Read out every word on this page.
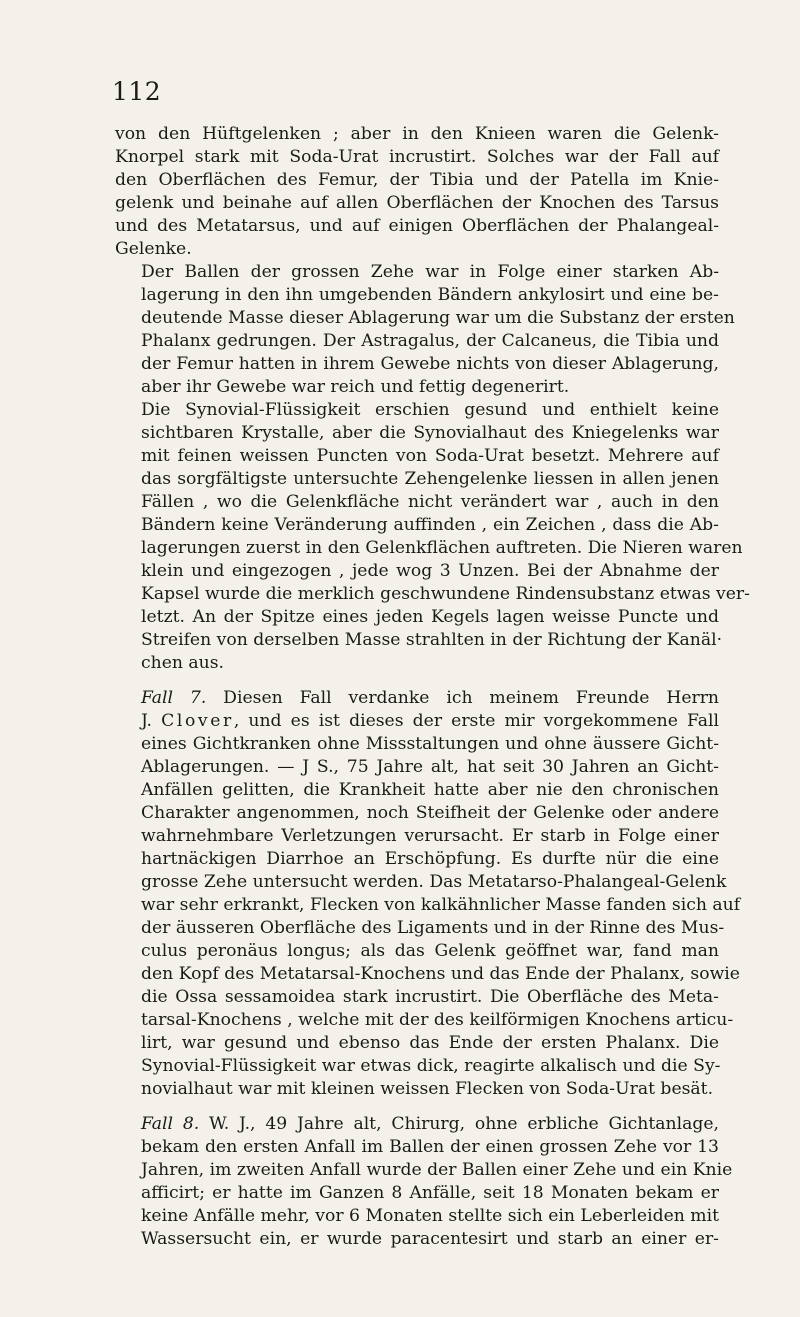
112

von den Hüftgelenken ; aber in den Knieen waren die Gelenk-
Knorpel stark mit Soda-Urat incrustirt. Solches war der Fall auf
den Oberflächen des Femur, der Tibia und der Patella im Knie-
gelenk und beinahe auf allen Oberflächen der Knochen des Tarsus
und des Metatarsus, und auf einigen Oberflächen der Phalangeal-
Gelenke.

Der Ballen der grossen Zehe war in Folge einer starken Ab-
lagerung in den ihn umgebenden Bändern ankylosirt und eine be-
deutende Masse dieser Ablagerung war um die Substanz der ersten
Phalanx gedrungen. Der Astragalus, der Calcaneus, die Tibia und
der Femur hatten in ihrem Gewebe nichts von dieser Ablagerung,
aber ihr Gewebe war reich und fettig degenerirt.

Die Synovial-Flüssigkeit erschien gesund und enthielt keine
sichtbaren Krystalle, aber die Synovialhaut des Kniegelenks war
mit feinen weissen Puncten von Soda-Urat besetzt. Mehrere auf
das sorgfältigste untersuchte Zehengelenke liessen in allen jenen
Fällen , wo die Gelenkfläche nicht verändert war , auch in den
Bändern keine Veränderung auffinden , ein Zeichen , dass die Ab-
lagerungen zuerst in den Gelenkflächen auftreten. Die Nieren waren
klein und eingezogen , jede wog 3 Unzen. Bei der Abnahme der
Kapsel wurde die merklich geschwundene Rindensubstanz etwas ver-
letzt. An der Spitze eines jeden Kegels lagen weisse Puncte und
Streifen von derselben Masse strahlten in der Richtung der Kanäl·
chen aus.

Fall 7. Diesen Fall verdanke ich meinem Freunde Herrn
J. Clover, und es ist dieses der erste mir vorgekommene Fall
eines Gichtkranken ohne Missstaltungen und ohne äussere Gicht-
Ablagerungen. — J S., 75 Jahre alt, hat seit 30 Jahren an Gicht-
Anfällen gelitten, die Krankheit hatte aber nie den chronischen
Charakter angenommen, noch Steifheit der Gelenke oder andere
wahrnehmbare Verletzungen verursacht. Er starb in Folge einer
hartnäckigen Diarrhoe an Erschöpfung. Es durfte nür die eine
grosse Zehe untersucht werden. Das Metatarso-Phalangeal-Gelenk
war sehr erkrankt, Flecken von kalkähnlicher Masse fanden sich auf
der äusseren Oberfläche des Ligaments und in der Rinne des Mus-
culus peronäus longus; als das Gelenk geöffnet war, fand man
den Kopf des Metatarsal-Knochens und das Ende der Phalanx, sowie
die Ossa sessamoidea stark incrustirt. Die Oberfläche des Meta-
tarsal-Knochens , welche mit der des keilförmigen Knochens articu-
lirt, war gesund und ebenso das Ende der ersten Phalanx. Die
Synovial-Flüssigkeit war etwas dick, reagirte alkalisch und die Sy-
novialhaut war mit kleinen weissen Flecken von Soda-Urat besät.

Fall 8. W. J., 49 Jahre alt, Chirurg, ohne erbliche Gichtanlage,
bekam den ersten Anfall im Ballen der einen grossen Zehe vor 13
Jahren, im zweiten Anfall wurde der Ballen einer Zehe und ein Knie
afficirt; er hatte im Ganzen 8 Anfälle, seit 18 Monaten bekam er
keine Anfälle mehr, vor 6 Monaten stellte sich ein Leberleiden mit
Wassersucht ein, er wurde paracentesirt und starb an einer er-
